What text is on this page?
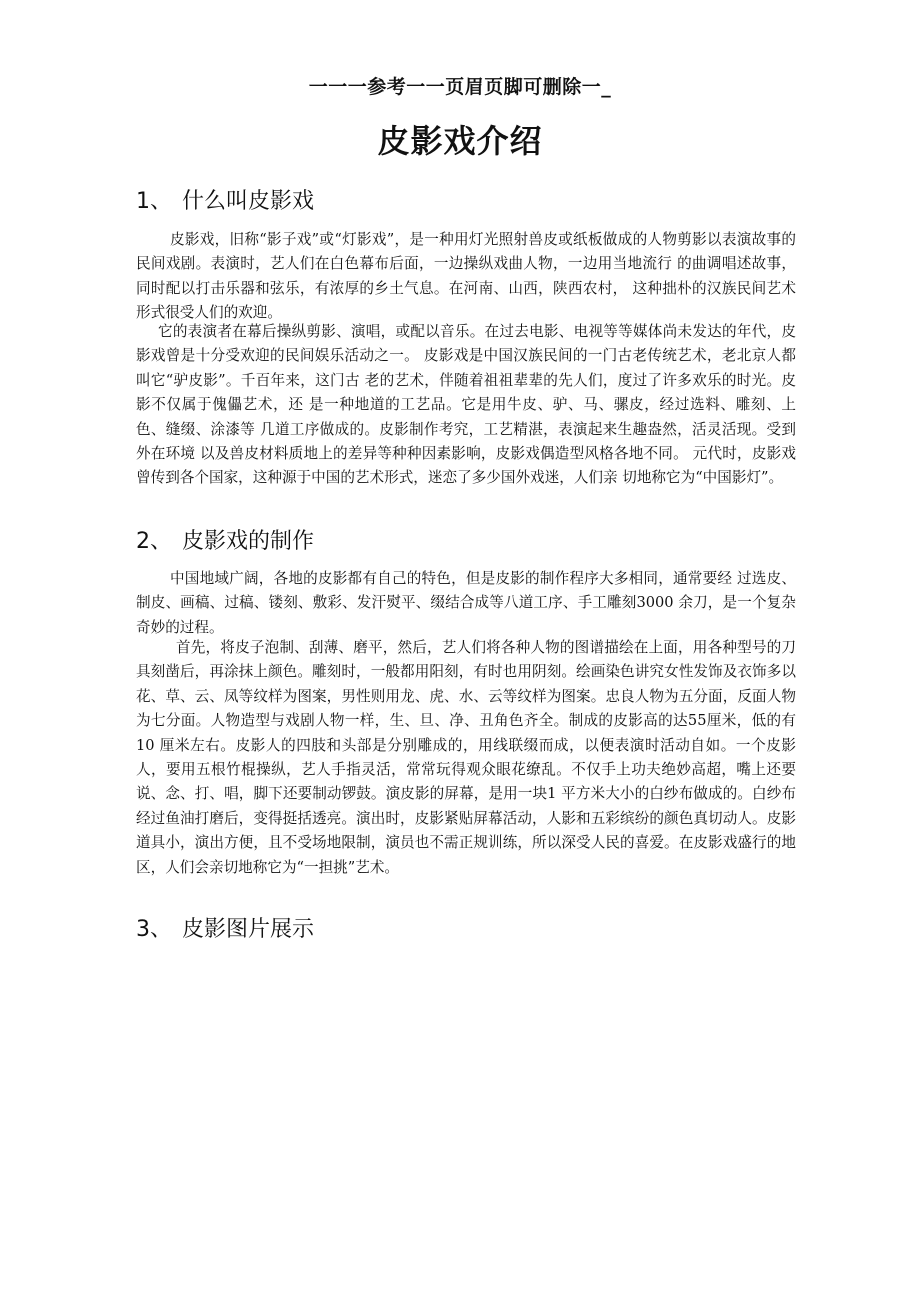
一一一参考一一页眉页脚可删除一_
皮影戏介绍
1、 什么叫皮影戏

皮影戏，旧称“影子戏”或“灯影戏”，是一种用灯光照射兽皮或纸板做成的人物剪影以表演故事的民间戏剧。表演时，艺人们在白色幕布后面，一边操纵戏曲人物，一边用当地流行 的曲调唱述故事，同时配以打击乐器和弦乐，有浓厚的乡土气息。在河南、山西，陕西农村， 这种拙朴的汉族民间艺术形式很受人们的欢迎。

它的表演者在幕后操纵剪影、演唱，或配以音乐。在过去电影、电视等等媒体尚未发达的年代，皮影戏曾是十分受欢迎的民间娱乐活动之一。 皮影戏是中国汉族民间的一门古老传统艺术，老北京人都叫它“驴皮影”。千百年来，这门古 老的艺术，伴随着祖祖辈辈的先人们，度过了许多欢乐的时光。皮影不仅属于傀儡艺术，还 是一种地道的工艺品。它是用牛皮、驴、马、骡皮，经过选料、雕刻、上色、缝缀、涂漆等 几道工序做成的。皮影制作考究，工艺精湛，表演起来生趣盎然，活灵活现。受到外在环境 以及兽皮材料质地上的差异等种种因素影响，皮影戏偶造型风格各地不同。 元代时，皮影戏曾传到各个国家，这种源于中国的艺术形式，迷恋了多少国外戏迷，人们亲 切地称它为“中国影灯”。

2、 皮影戏的制作

中国地域广阔，各地的皮影都有自己的特色，但是皮影的制作程序大多相同，通常要经 过选皮、制皮、画稿、过稿、镂刻、敷彩、发汗熨平、缀结合成等八道工序、手工雕刻3000 余刀，是一个复杂奇妙的过程。

首先，将皮子泡制、刮薄、磨平，然后，艺人们将各种人物的图谱描绘在上面，用各种型号的刀具刻凿后，再涂抹上颜色。雕刻时，一般都用阳刻，有时也用阴刻。绘画染色讲究女性发饰及衣饰多以花、草、云、凤等纹样为图案，男性则用龙、虎、水、云等纹样为图案。忠良人物为五分面，反面人物为七分面。人物造型与戏剧人物一样，生、旦、净、丑角色齐全。制成的皮影高的达55厘米，低的有10 厘米左右。皮影人的四肢和头部是分别雕成的，用线联缀而成，以便表演时活动自如。一个皮影人，要用五根竹棍操纵，艺人手指灵活，常常玩得观众眼花缭乱。不仅手上功夫绝妙高超，嘴上还要说、念、打、唱，脚下还要制动锣鼓。演皮影的屏幕，是用一块1 平方米大小的白纱布做成的。白纱布经过鱼油打磨后，变得挺括透亮。演出时，皮影紧贴屏幕活动，人影和五彩缤纷的颜色真切动人。皮影道具小，演出方便，且不受场地限制，演员也不需正规训练，所以深受人民的喜爱。在皮影戏盛行的地区，人们会亲切地称它为“一担挑”艺术。

3、 皮影图片展示
